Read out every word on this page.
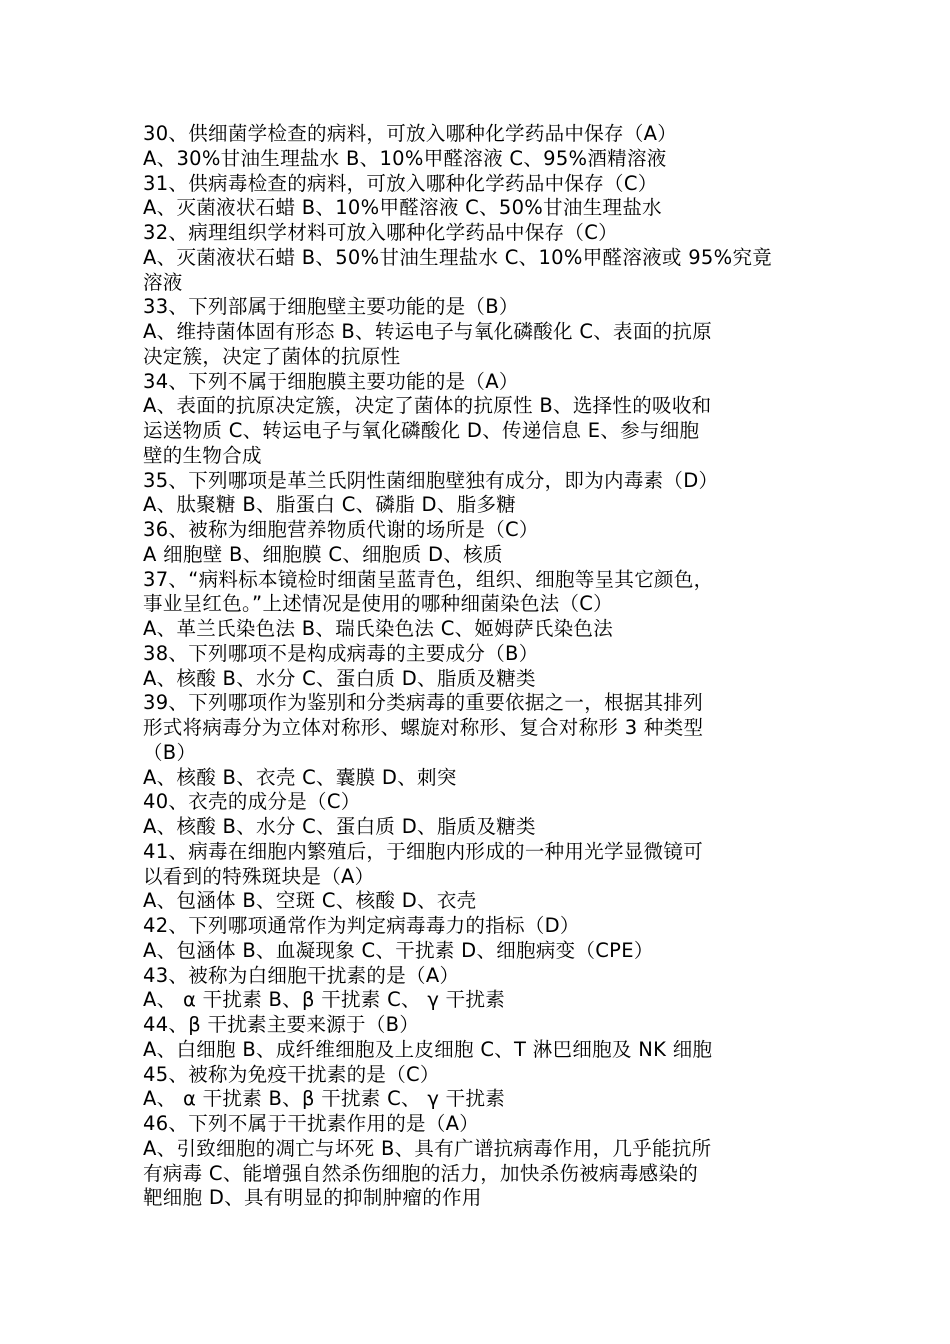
30、供细菌学检查的病料，可放入哪种化学药品中保存（A）
A、30%甘油生理盐水 B、10%甲醛溶液 C、95%酒精溶液
31、供病毒检查的病料，可放入哪种化学药品中保存（C）
A、灭菌液状石蜡 B、10%甲醛溶液 C、50%甘油生理盐水
32、病理组织学材料可放入哪种化学药品中保存（C）
A、灭菌液状石蜡 B、50%甘油生理盐水 C、10%甲醛溶液或 95%究竟
溶液
33、下列部属于细胞壁主要功能的是（B）
A、维持菌体固有形态 B、转运电子与氧化磷酸化 C、表面的抗原
决定簇，决定了菌体的抗原性
34、下列不属于细胞膜主要功能的是（A）
A、表面的抗原决定簇，决定了菌体的抗原性 B、选择性的吸收和
运送物质 C、转运电子与氧化磷酸化 D、传递信息 E、参与细胞
壁的生物合成
35、下列哪项是革兰氏阴性菌细胞壁独有成分，即为内毒素（D）
A、肽聚糖 B、脂蛋白 C、磷脂 D、脂多糖
36、被称为细胞营养物质代谢的场所是（C）
A 细胞壁 B、细胞膜 C、细胞质 D、核质
37、“病料标本镜检时细菌呈蓝青色，组织、细胞等呈其它颜色，
事业呈红色。”上述情况是使用的哪种细菌染色法（C）
A、革兰氏染色法 B、瑞氏染色法 C、姬姆萨氏染色法
38、下列哪项不是构成病毒的主要成分（B）
A、核酸 B、水分 C、蛋白质 D、脂质及糖类
39、下列哪项作为鉴别和分类病毒的重要依据之一，根据其排列
形式将病毒分为立体对称形、螺旋对称形、复合对称形 3 种类型
（B）
A、核酸 B、衣壳 C、囊膜 D、刺突
40、衣壳的成分是（C）
A、核酸 B、水分 C、蛋白质 D、脂质及糖类
41、病毒在细胞内繁殖后，于细胞内形成的一种用光学显微镜可
以看到的特殊斑块是（A）
A、包涵体 B、空斑 C、核酸 D、衣壳
42、下列哪项通常作为判定病毒毒力的指标（D）
A、包涵体 B、血凝现象 C、干扰素 D、细胞病变（CPE）
43、被称为白细胞干扰素的是（A）
A、 α 干扰素 B、β 干扰素 C、 γ 干扰素
44、β 干扰素主要来源于（B）
A、白细胞 B、成纤维细胞及上皮细胞 C、T 淋巴细胞及 NK 细胞
45、被称为免疫干扰素的是（C）
A、 α 干扰素 B、β 干扰素 C、 γ 干扰素
46、下列不属于干扰素作用的是（A）
A、引致细胞的凋亡与坏死 B、具有广谱抗病毒作用，几乎能抗所
有病毒 C、能增强自然杀伤细胞的活力，加快杀伤被病毒感染的
靶细胞 D、具有明显的抑制肿瘤的作用
